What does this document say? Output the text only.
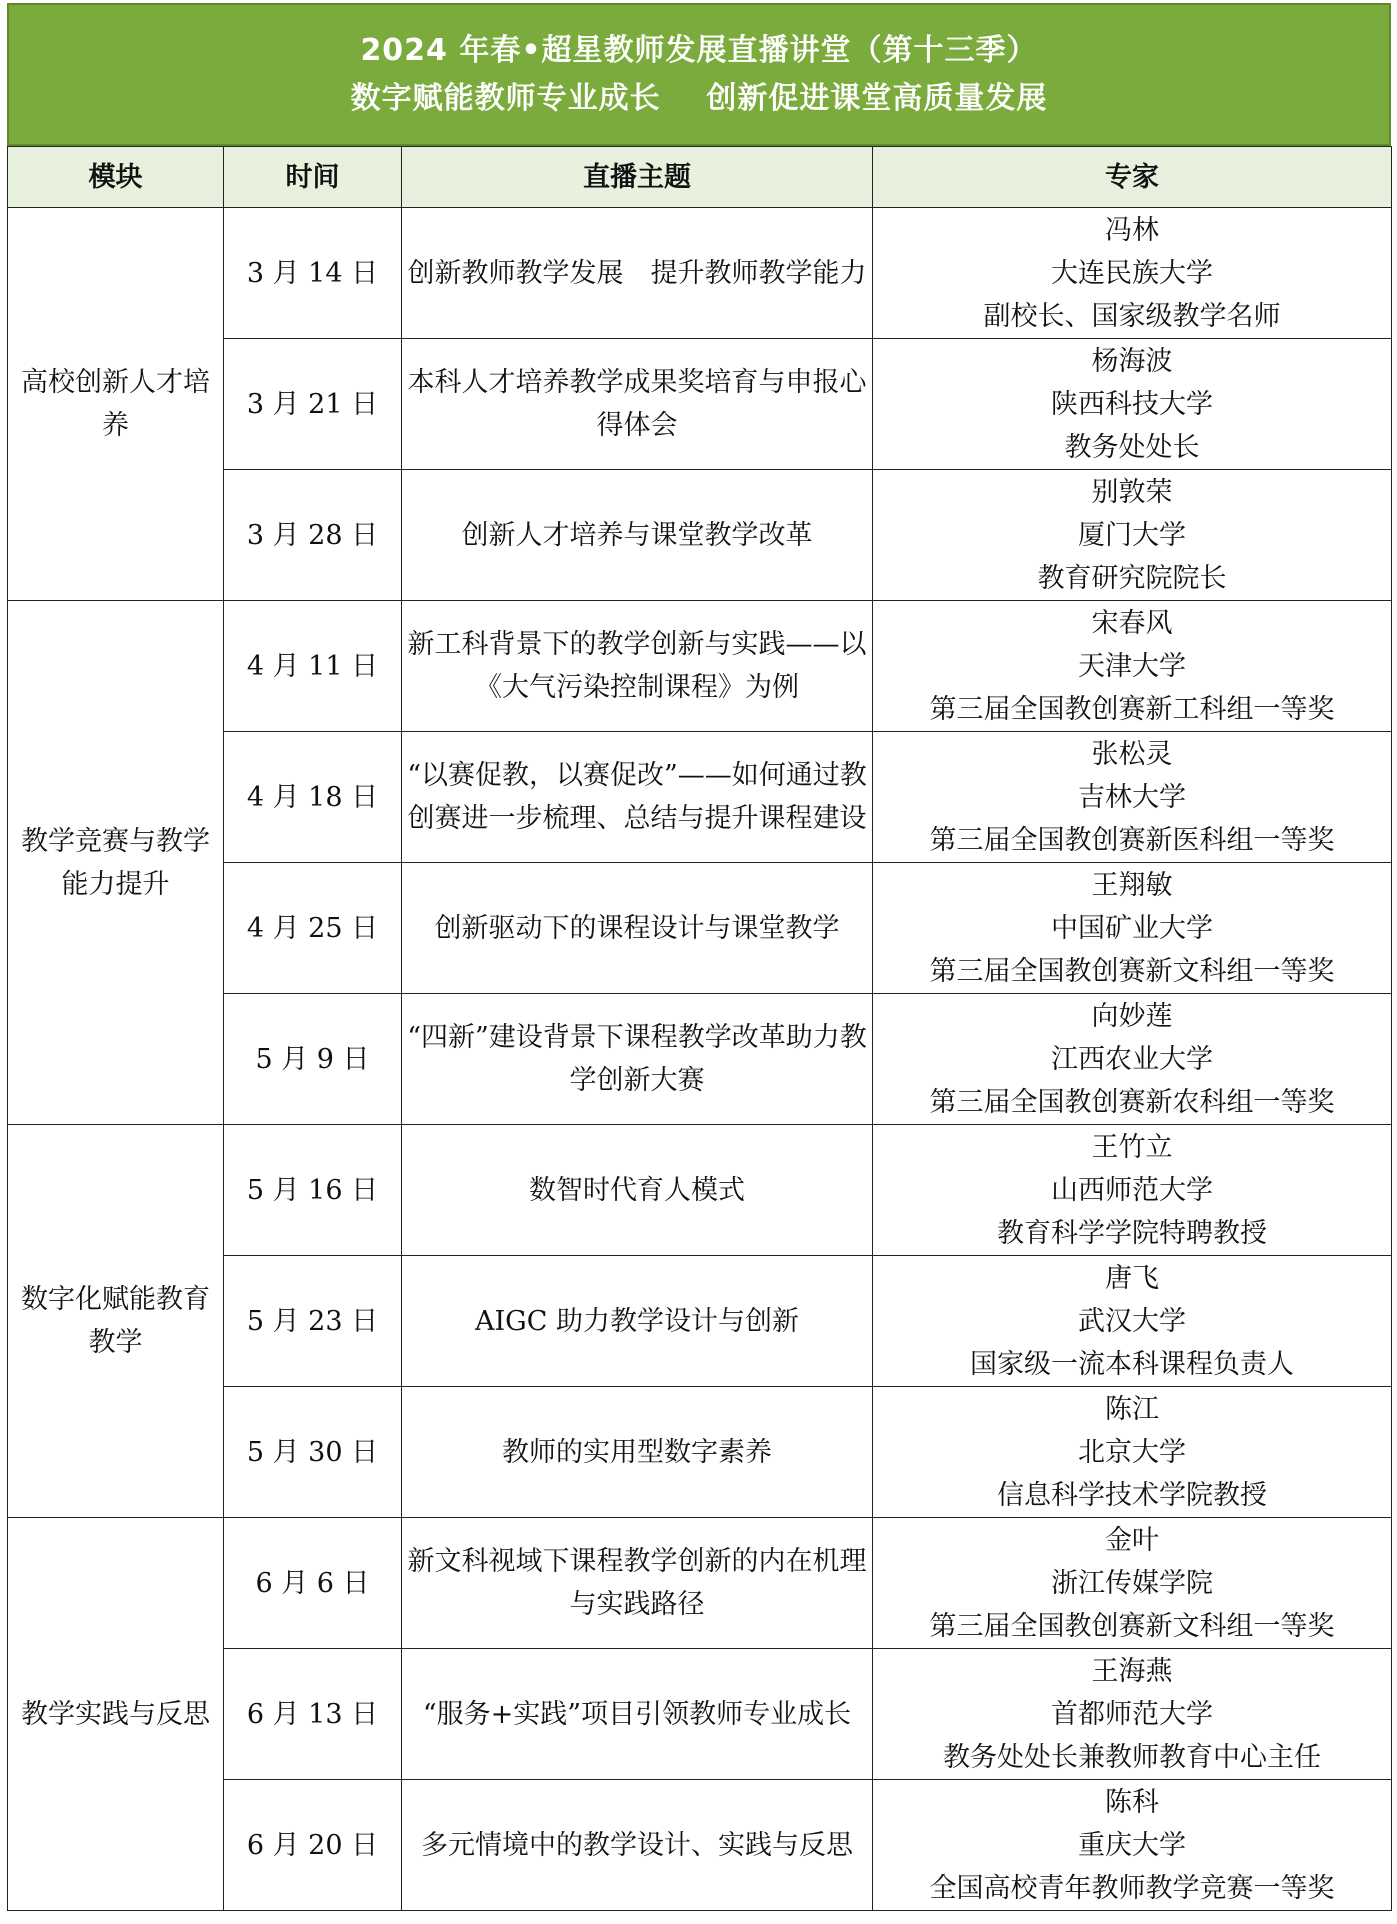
2024 年春•超星教师发展直播讲堂（第十三季）
数字赋能教师专业成长    创新促进课堂高质量发展
模块	时间	直播主题	专家
高校创新人才培养	3 月 14 日	创新教师教学发展　提升教师教学能力	冯林
大连民族大学
副校长、国家级教学名师

	3 月 21 日	本科人才培养教学成果奖培育与申报心得体会	杨海波
陕西科技大学
教务处处长

	3 月 28 日	创新人才培养与课堂教学改革	别敦荣
厦门大学
教育研究院院长

教学竞赛与教学能力提升	4 月 11 日	新工科背景下的教学创新与实践——以《大气污染控制课程》为例	宋春风
天津大学
第三届全国教创赛新工科组一等奖

	4 月 18 日	“以赛促教，以赛促改”——如何通过教创赛进一步梳理、总结与提升课程建设	张松灵
吉林大学
第三届全国教创赛新医科组一等奖

	4 月 25 日	创新驱动下的课程设计与课堂教学	王翔敏
中国矿业大学
第三届全国教创赛新文科组一等奖

	5 月 9 日	“四新”建设背景下课程教学改革助力教学创新大赛	向妙莲
江西农业大学
第三届全国教创赛新农科组一等奖

数字化赋能教育教学	5 月 16 日	数智时代育人模式	王竹立
山西师范大学
教育科学学院特聘教授

	5 月 23 日	AIGC 助力教学设计与创新	唐飞
武汉大学
国家级一流本科课程负责人

	5 月 30 日	教师的实用型数字素养	陈江
北京大学
信息科学技术学院教授

教学实践与反思	6 月 6 日	新文科视域下课程教学创新的内在机理与实践路径	金叶
浙江传媒学院
第三届全国教创赛新文科组一等奖

	6 月 13 日	“服务+实践”项目引领教师专业成长	王海燕
首都师范大学
教务处处长兼教师教育中心主任

	6 月 20 日	多元情境中的教学设计、实践与反思	陈科
重庆大学
全国高校青年教师教学竞赛一等奖
